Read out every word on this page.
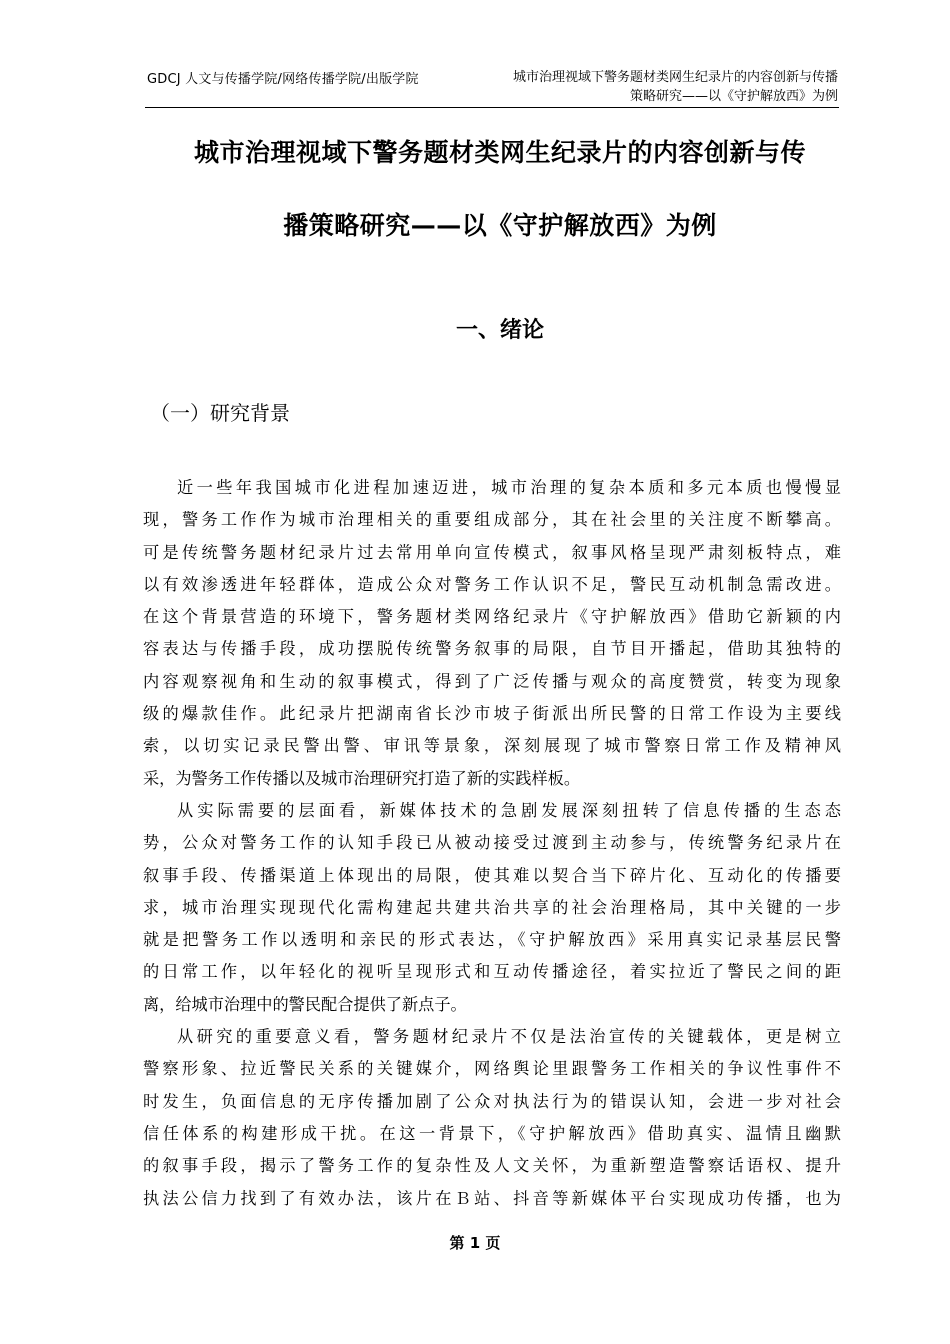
GDCJ 人文与传播学院/网络传播学院/出版学院	城市治理视域下警务题材类网生纪录片的内容创新与传播
策略研究——以《守护解放西》为例
城市治理视域下警务题材类网生纪录片的内容创新与传
播策略研究——以《守护解放西》为例
一、绪论
（一）研究背景
近一些年我国城市化进程加速迈进，城市治理的复杂本质和多元本质也慢慢显
现，警务工作作为城市治理相关的重要组成部分，其在社会里的关注度不断攀高。
可是传统警务题材纪录片过去常用单向宣传模式，叙事风格呈现严肃刻板特点，难
以有效渗透进年轻群体，造成公众对警务工作认识不足，警民互动机制急需改进。
在这个背景营造的环境下，警务题材类网络纪录片《守护解放西》借助它新颖的内
容表达与传播手段，成功摆脱传统警务叙事的局限，自节目开播起，借助其独特的
内容观察视角和生动的叙事模式，得到了广泛传播与观众的高度赞赏，转变为现象
级的爆款佳作。此纪录片把湖南省长沙市坡子街派出所民警的日常工作设为主要线
索，以切实记录民警出警、审讯等景象，深刻展现了城市警察日常工作及精神风
采，为警务工作传播以及城市治理研究打造了新的实践样板。
从实际需要的层面看，新媒体技术的急剧发展深刻扭转了信息传播的生态态
势，公众对警务工作的认知手段已从被动接受过渡到主动参与，传统警务纪录片在
叙事手段、传播渠道上体现出的局限，使其难以契合当下碎片化、互动化的传播要
求，城市治理实现现代化需构建起共建共治共享的社会治理格局，其中关键的一步
就是把警务工作以透明和亲民的形式表达，《守护解放西》采用真实记录基层民警
的日常工作，以年轻化的视听呈现形式和互动传播途径，着实拉近了警民之间的距
离，给城市治理中的警民配合提供了新点子。
从研究的重要意义看，警务题材纪录片不仅是法治宣传的关键载体，更是树立
警察形象、拉近警民关系的关键媒介，网络舆论里跟警务工作相关的争议性事件不
时发生，负面信息的无序传播加剧了公众对执法行为的错误认知，会进一步对社会
信任体系的构建形成干扰。在这一背景下，《守护解放西》借助真实、温情且幽默
的叙事手段，揭示了警务工作的复杂性及人文关怀，为重新塑造警察话语权、提升
执法公信力找到了有效办法，该片在Ｂ站、抖音等新媒体平台实现成功传播，也为
第 1 页
